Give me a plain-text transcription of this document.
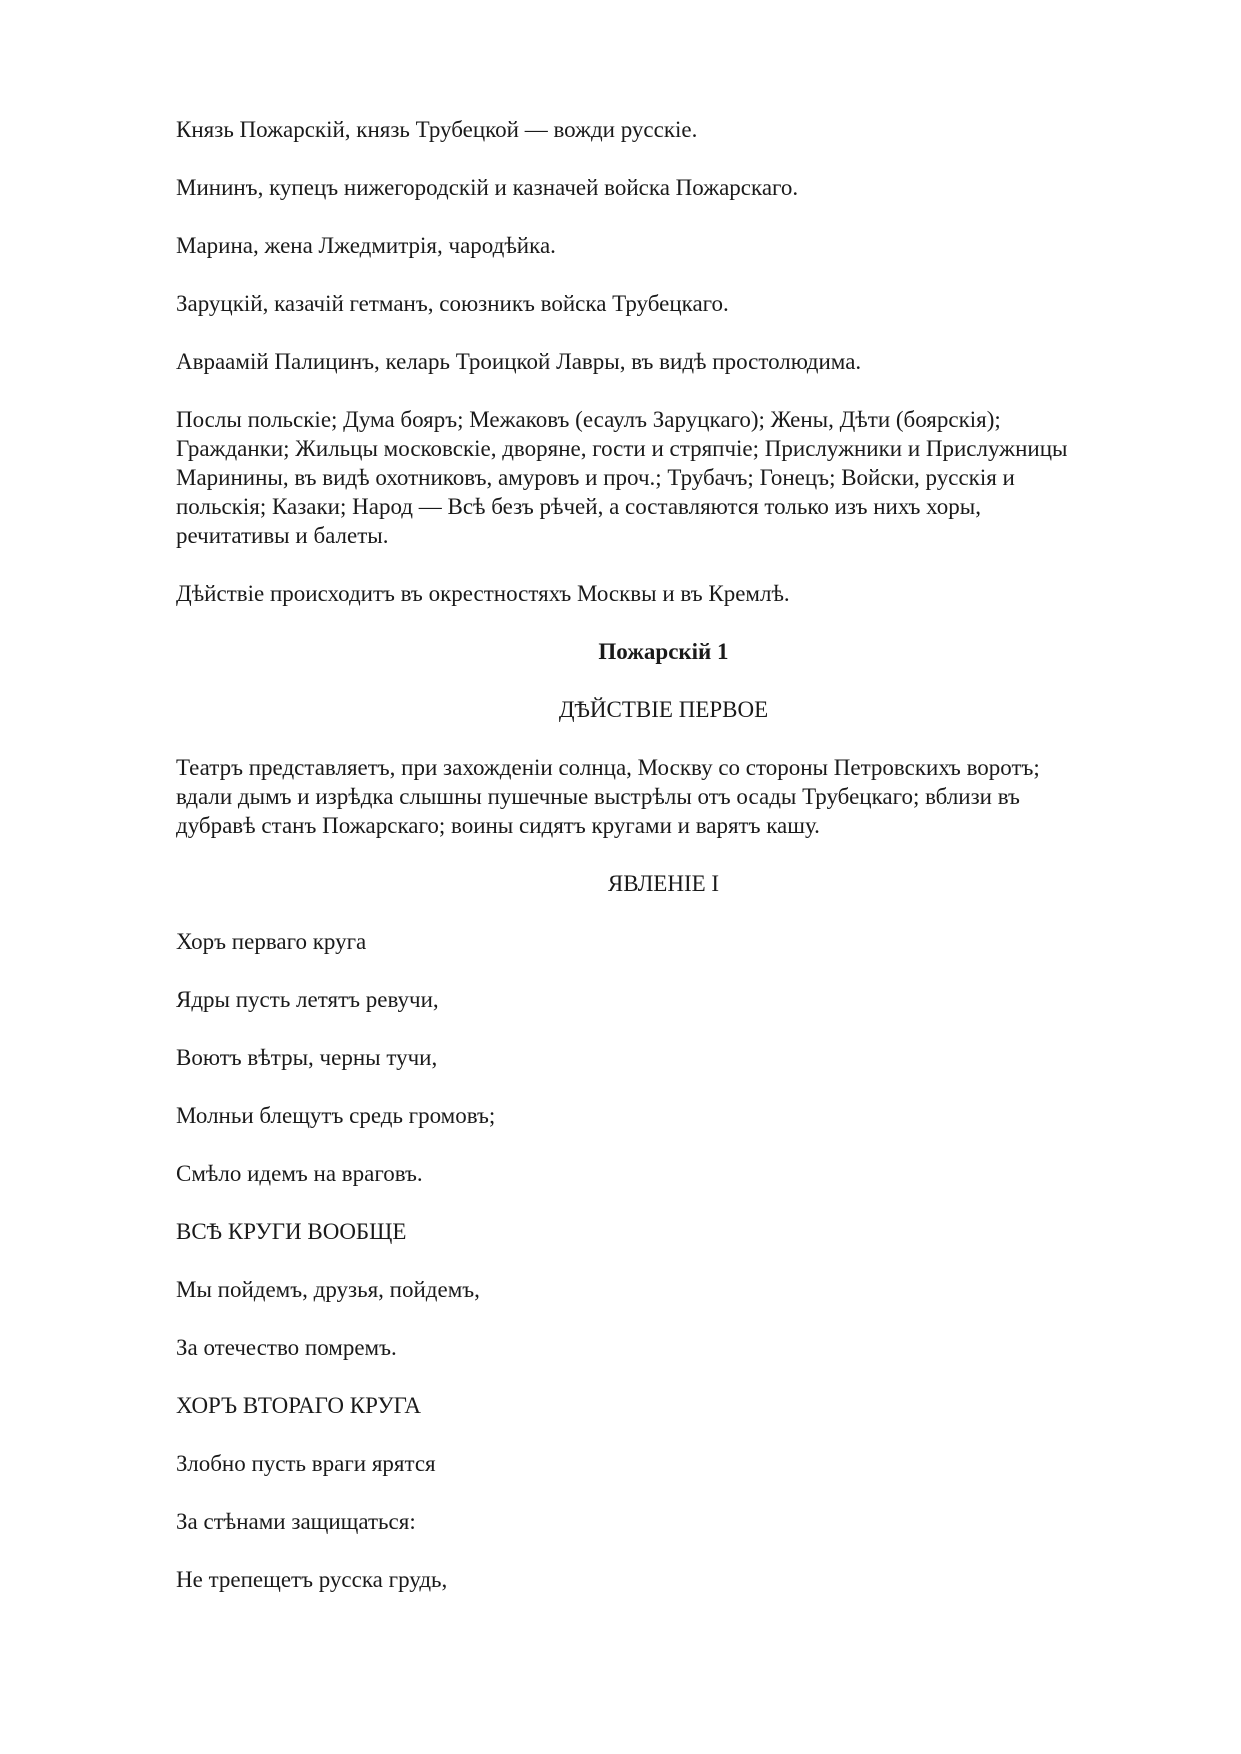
Князь Пожарскій, князь Трубецкой — вожди русскіе.

Мининъ, купецъ нижегородскій и казначей войска Пожарскаго.

Марина, жена Лжедмитрія, чародѣйка.

Заруцкій, казачій гетманъ, союзникъ войска Трубецкаго.

Авраамій Палицинъ, келарь Троицкой Лавры, въ видѣ простолюдима.

Послы польскіе; Дума бояръ; Межаковъ (есаулъ Заруцкаго); Жены, Дѣти (боярскія);

Гражданки; Жильцы московскіе, дворяне, гости и стряпчіе; Прислужники и Прислужницы

Маринины, въ видѣ охотниковъ, амуровъ и проч.; Трубачъ; Гонецъ; Войски, русскія и

польскія; Казаки; Народ — Всѣ безъ рѣчей, а составляются только изъ нихъ хоры,

речитативы и балеты.

Дѣйствіе происходитъ въ окрестностяхъ Москвы и въ Кремлѣ.

Пожарскій 1

ДѢЙСТВІЕ ПЕРВОЕ

Театръ представляетъ, при захожденіи солнца, Москву со стороны Петровскихъ воротъ;

вдали дымъ и изрѣдка слышны пушечные выстрѣлы отъ осады Трубецкаго; вблизи въ

дубравѣ станъ Пожарскаго; воины сидятъ кругами и варятъ кашу.

ЯВЛЕНІЕ I

Хоръ перваго круга

Ядры пусть летятъ ревучи,

Воютъ вѣтры, черны тучи,

Молньи блещутъ средь громовъ;

Смѣло идемъ на враговъ.

ВСѢ КРУГИ ВООБЩЕ

Мы пойдемъ, друзья, пойдемъ,

За отечество помремъ.

ХОРЪ ВТОРАГО КРУГА

Злобно пусть враги ярятся

За стѣнами защищаться:

Не трепещетъ русска грудь,
